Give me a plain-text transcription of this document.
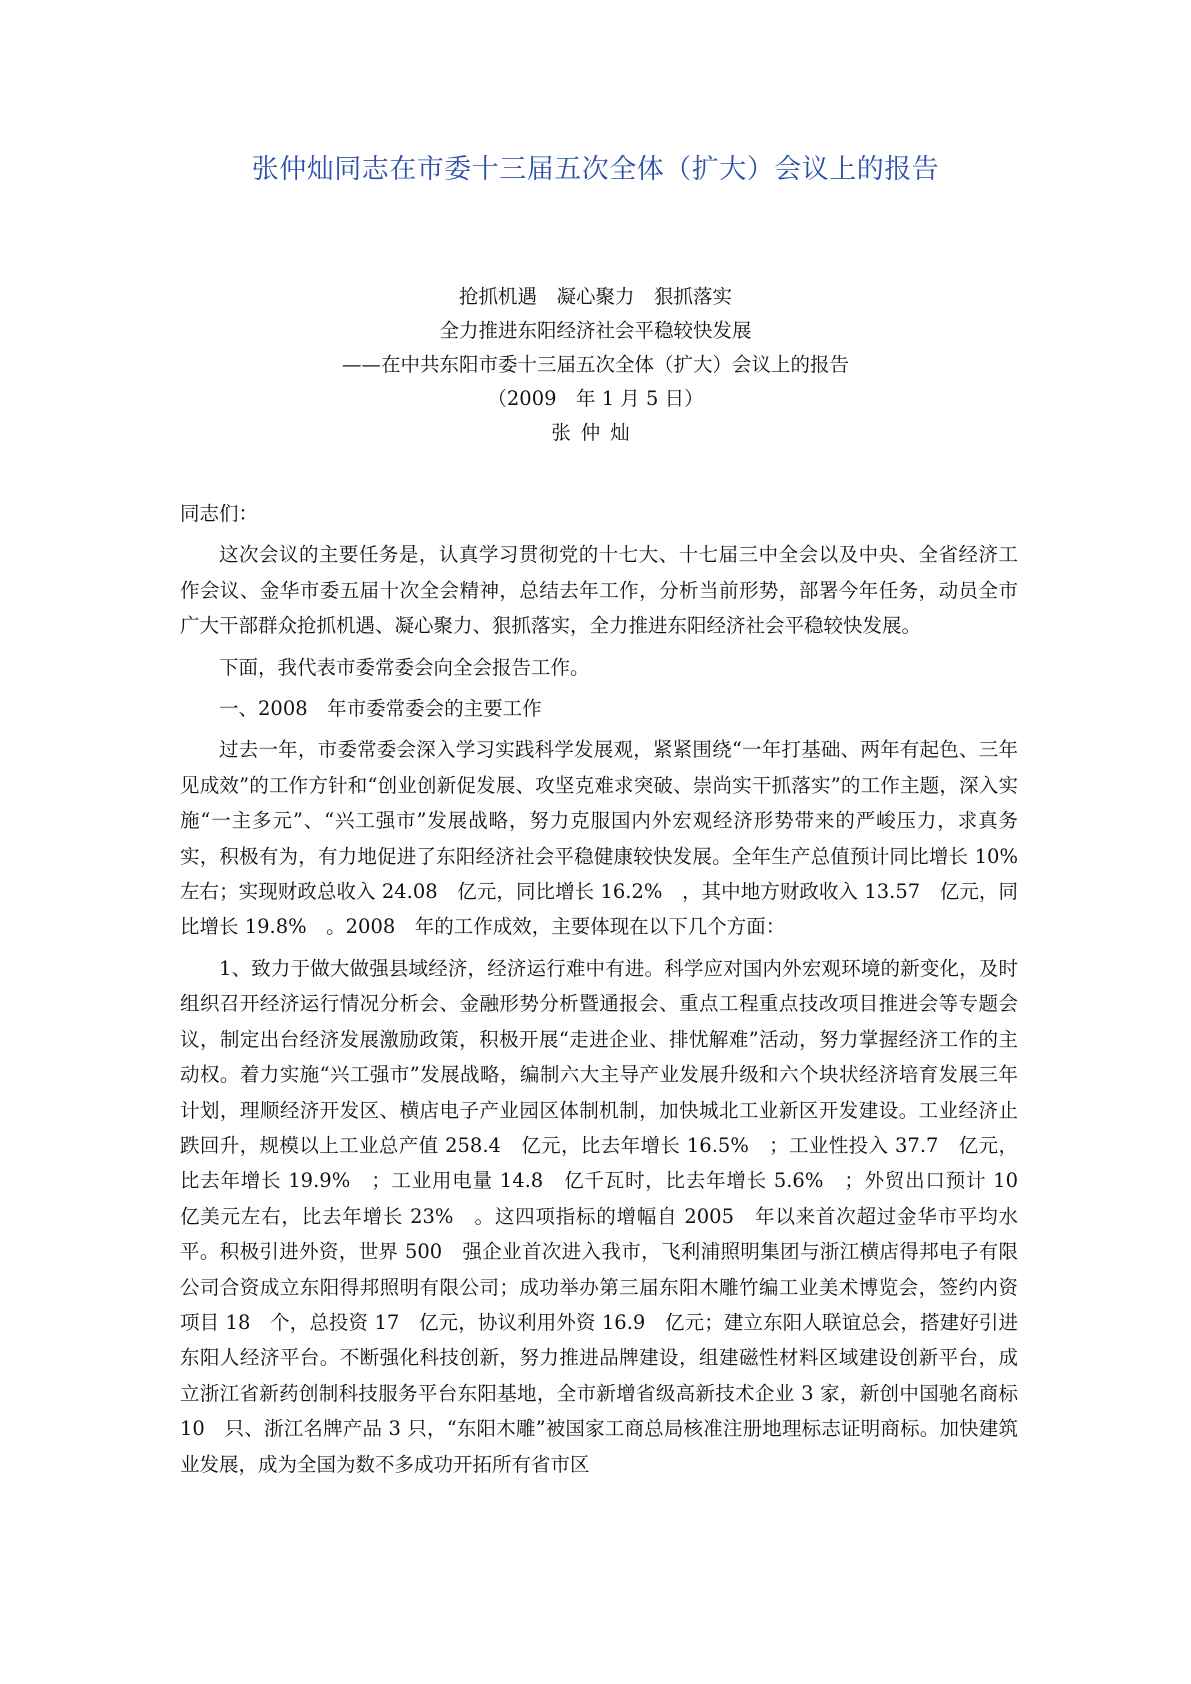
张仲灿同志在市委十三届五次全体（扩大）会议上的报告
抢抓机遇　凝心聚力　狠抓落实
全力推进东阳经济社会平稳较快发展
——在中共东阳市委十三届五次全体（扩大）会议上的报告
（2009　年 1 月 5 日）
张仲灿

同志们：

这次会议的主要任务是，认真学习贯彻党的十七大、十七届三中全会以及中央、全省经济工作会议、金华市委五届十次全会精神，总结去年工作，分析当前形势，部署今年任务，动员全市广大干部群众抢抓机遇、凝心聚力、狠抓落实，全力推进东阳经济社会平稳较快发展。

下面，我代表市委常委会向全会报告工作。

一、2008　年市委常委会的主要工作

过去一年，市委常委会深入学习实践科学发展观，紧紧围绕“一年打基础、两年有起色、三年见成效”的工作方针和“创业创新促发展、攻坚克难求突破、崇尚实干抓落实”的工作主题，深入实施“一主多元”、“兴工强市”发展战略，努力克服国内外宏观经济形势带来的严峻压力，求真务实，积极有为，有力地促进了东阳经济社会平稳健康较快发展。全年生产总值预计同比增长 10%　左右；实现财政总收入 24.08　亿元，同比增长 16.2%　，其中地方财政收入 13.57　亿元，同比增长 19.8%　。2008　年的工作成效，主要体现在以下几个方面：

1、致力于做大做强县域经济，经济运行难中有进。科学应对国内外宏观环境的新变化，及时组织召开经济运行情况分析会、金融形势分析暨通报会、重点工程重点技改项目推进会等专题会议，制定出台经济发展激励政策，积极开展“走进企业、排忧解难”活动，努力掌握经济工作的主动权。着力实施“兴工强市”发展战略，编制六大主导产业发展升级和六个块状经济培育发展三年计划，理顺经济开发区、横店电子产业园区体制机制，加快城北工业新区开发建设。工业经济止跌回升，规模以上工业总产值 258.4　亿元，比去年增长 16.5%　；工业性投入 37.7　亿元，比去年增长 19.9%　；工业用电量 14.8　亿千瓦时，比去年增长 5.6%　；外贸出口预计 10　亿美元左右，比去年增长 23%　。这四项指标的增幅自 2005　年以来首次超过金华市平均水平。积极引进外资，世界 500　强企业首次进入我市，飞利浦照明集团与浙江横店得邦电子有限公司合资成立东阳得邦照明有限公司；成功举办第三届东阳木雕竹编工业美术博览会，签约内资项目 18　个，总投资 17　亿元，协议利用外资 16.9　亿元；建立东阳人联谊总会，搭建好引进东阳人经济平台。不断强化科技创新，努力推进品牌建设，组建磁性材料区域建设创新平台，成立浙江省新药创制科技服务平台东阳基地，全市新增省级高新技术企业 3 家，新创中国驰名商标 10　只、浙江名牌产品 3 只，“东阳木雕”被国家工商总局核准注册地理标志证明商标。加快建筑业发展，成为全国为数不多成功开拓所有省市区
